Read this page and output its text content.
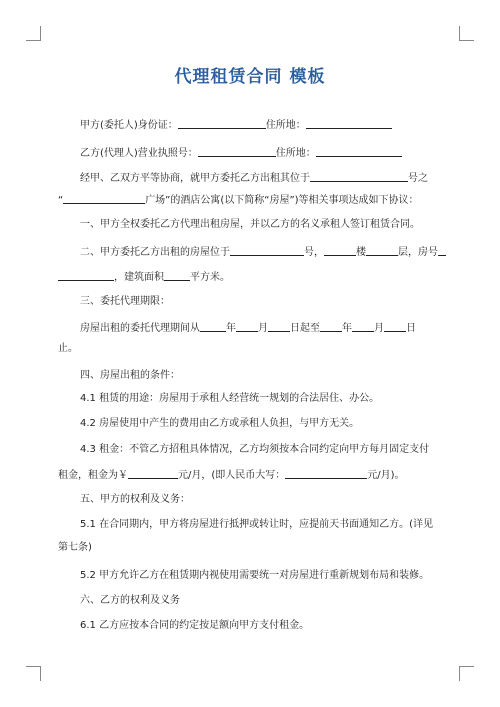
代理租赁合同 模板
甲方(委托人)身份证：	住所地：
乙方(代理人)营业执照号：	住所地：
经甲、乙双方平等协商，就甲方委托乙方出租其位于	号之
“	广场”的酒店公寓(以下简称“房屋”)等相关事项达成如下协议：
一、甲方全权委托乙方代理出租房屋，并以乙方的名义承租人签订租赁合同。
二、甲方委托乙方出租的房屋位于	号，	楼	层，房号
，建筑面积	平方米。
三、委托代理期限：
房屋出租的委托代理期间从	年 月 日起至 年 月 日
止。
四、房屋出租的条件：
4.1 租赁的用途：房屋用于承租人经营统一规划的合法居住、办公。
4.2 房屋使用中产生的费用由乙方或承租人负担，与甲方无关。
4.3 租金：不管乙方招租具体情况，乙方均须按本合同约定向甲方每月固定支付
租金，租金为￥	元/月，(即人民币大写：	元/月)。
五、甲方的权利及义务：
5.1 在合同期内，甲方将房屋进行抵押或转让时，应提前天书面通知乙方。(详见
第七条)
5.2 甲方允许乙方在租赁期内视使用需要统一对房屋进行重新规划布局和装修。
六、乙方的权利及义务
6.1 乙方应按本合同的约定按足额向甲方支付租金。
